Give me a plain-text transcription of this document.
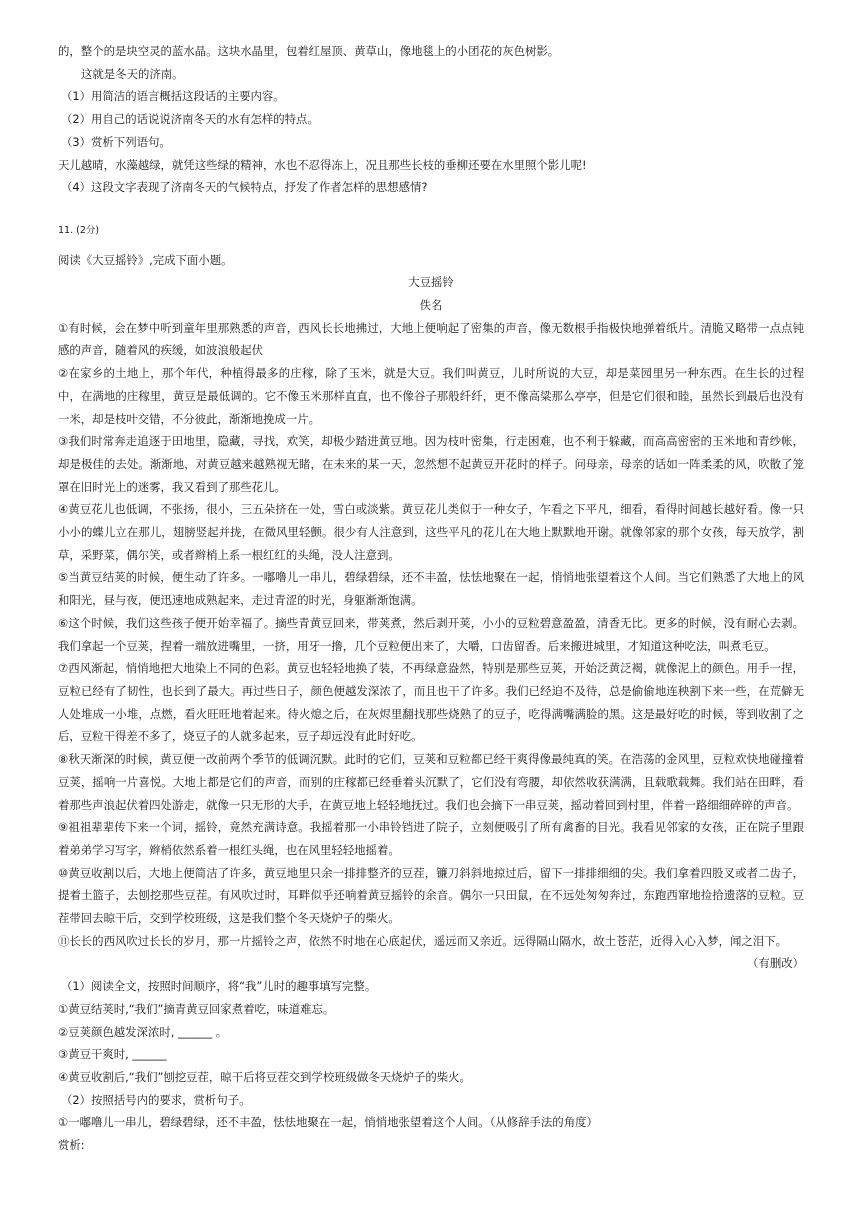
的，整个的是块空灵的蓝水晶。这块水晶里，包着红屋顶、黄草山，像地毯上的小团花的灰色树影。
这就是冬天的济南。
（1）用简洁的语言概括这段话的主要内容。
（2）用自己的话说说济南冬天的水有怎样的特点。
（3）赏析下列语句。
天儿越晴，水藻越绿，就凭这些绿的精神，水也不忍得冻上，况且那些长枝的垂柳还要在水里照个影儿呢!
（4）这段文字表现了济南冬天的气候特点，抒发了作者怎样的思想感情?
11. (2分)
阅读《大豆摇铃》,完成下面小题。
大豆摇铃
佚名
①有时候，会在梦中听到童年里那熟悉的声音，西风长长地拂过，大地上便响起了密集的声音，像无数根手指极快地弹着纸片。清脆又略带一点点钝感的声音，随着风的疾缓，如波浪般起伏
②在家乡的土地上，那个年代，种植得最多的庄稼，除了玉米，就是大豆。我们叫黄豆，儿时所说的大豆，却是菜园里另一种东西。在生长的过程中，在满地的庄稼里，黄豆是最低调的。它不像玉米那样直直，也不像谷子那般纤纤，更不像高粱那么亭亭，但是它们很和睦，虽然长到最后也没有一米，却是枝叶交错，不分彼此，渐渐地挽成一片。
③我们时常奔走追逐于田地里，隐藏，寻找，欢笑，却极少踏进黄豆地。因为枝叶密集，行走困难，也不利于躲藏，而高高密密的玉米地和青纱帐，却是极佳的去处。渐渐地，对黄豆越来越熟视无睹，在未来的某一天，忽然想不起黄豆开花时的样子。问母亲，母亲的话如一阵柔柔的风，吹散了笼罩在旧时光上的迷雾，我又看到了那些花儿。
④黄豆花儿也低调，不张扬，很小，三五朵挤在一处，雪白或淡紫。黄豆花儿类似于一种女子，乍看之下平凡，细看，看得时间越长越好看。像一只小小的蝶儿立在那儿，翅膀竖起并拢，在微风里轻颤。很少有人注意到，这些平凡的花儿在大地上默默地开谢。就像邻家的那个女孩，每天放学，割草，采野菜，偶尔笑，或者辫梢上系一根红红的头绳，没人注意到。
⑤当黄豆结荚的时候，便生动了许多。一嘟噜儿一串儿，碧绿碧绿，还不丰盈，怯怯地聚在一起，悄悄地张望着这个人间。当它们熟悉了大地上的风和阳光，昼与夜，便迅速地成熟起来，走过青涩的时光，身躯渐渐饱满。
⑥这个时候，我们这些孩子便开始幸福了。摘些青黄豆回来，带荚煮，然后剥开荚，小小的豆粒碧意盈盈，清香无比。更多的时候，没有耐心去剥。我们拿起一个豆荚，捏着一端放进嘴里，一挤，用牙一撸，几个豆粒便出来了，大嚼，口齿留香。后来搬进城里，才知道这种吃法，叫煮毛豆。
⑦西风渐起，悄悄地把大地染上不同的色彩。黄豆也轻轻地换了装，不再绿意盎然，特别是那些豆荚，开始泛黄泛褐，就像泥上的颜色。用手一捏，豆粒已经有了韧性，也长到了最大。再过些日子，颜色便越发深浓了，而且也干了许多。我们已经迫不及待，总是偷偷地连秧割下来一些，在荒僻无人处堆成一小堆，点燃，看火旺旺地着起来。待火熄之后，在灰烬里翻找那些烧熟了的豆子，吃得满嘴满脸的黑。这是最好吃的时候，等到收割了之后，豆粒干得差不多了，烧豆子的人就多起来，豆子却远没有此时好吃。
⑧秋天渐深的时候，黄豆便一改前两个季节的低调沉默。此时的它们，豆荚和豆粒都已经干爽得像最纯真的笑。在浩荡的金风里，豆粒欢快地碰撞着豆荚，摇响一片喜悦。大地上都是它们的声音，而别的庄稼都已经垂着头沉默了，它们没有弯腰，却依然收获满满，且载歌载舞。我们站在田畔，看着那些声浪起伏着四处游走，就像一只无形的大手，在黄豆地上轻轻地抚过。我们也会摘下一串豆荚，摇动着回到村里，伴着一路细细碎碎的声音。
⑨祖祖辈辈传下来一个词，摇铃，竟然充满诗意。我摇着那一小串铃铛进了院子，立刻便吸引了所有禽畜的目光。我看见邻家的女孩，正在院子里跟着弟弟学习写字，辫梢依然系着一根红头绳，也在风里轻轻地摇着。
⑩黄豆收割以后，大地上便简洁了许多，黄豆地里只余一排排整齐的豆茬，镰刀斜斜地掠过后，留下一排排细细的尖。我们拿着四股叉或者二齿子，提着土篮子，去刨挖那些豆茬。有风吹过时，耳畔似乎还响着黄豆摇铃的余音。偶尔一只田鼠，在不远处匆匆奔过，东跑西窜地捡拾遗落的豆粒。豆茬带回去晾干后，交到学校班级，这是我们整个冬天烧炉子的柴火。
⑪长长的西风吹过长长的岁月，那一片摇铃之声，依然不时地在心底起伏，遥远而又亲近。远得隔山隔水，故土苍茫，近得入心入梦，闻之泪下。
（有删改）
（1）阅读全文，按照时间顺序，将“我”儿时的趣事填写完整。
①黄豆结荚时,“我们”摘青黄豆回家煮着吃，味道难忘。
②豆荚颜色越发深浓时, ______ 。
③黄豆干爽时, ______
④黄豆收割后,“我们”刨挖豆茬，晾干后将豆茬交到学校班级做冬天烧炉子的柴火。
（2）按照括号内的要求，赏析句子。
①一嘟噜儿一串儿，碧绿碧绿，还不丰盈，怯怯地聚在一起，悄悄地张望着这个人间。（从修辞手法的角度）
赏析:
